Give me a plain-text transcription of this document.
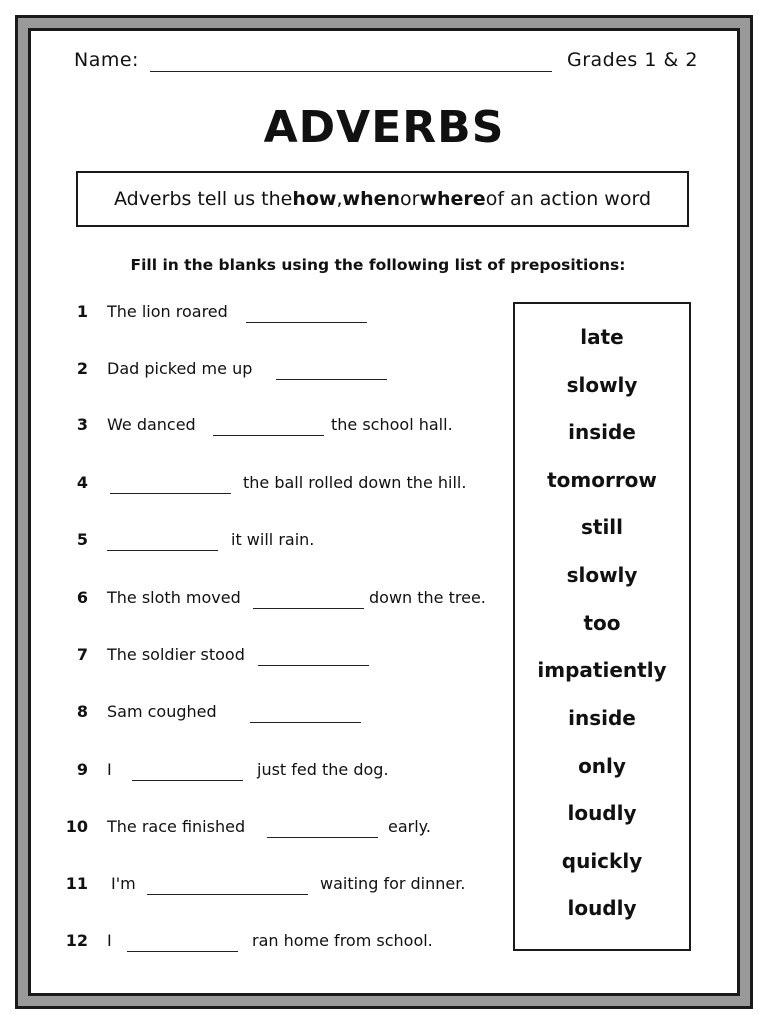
Name:	Grades 1 & 2
ADVERBS
Adverbs tell us the how , when or where of an action word
Fill in the blanks using the following list of prepositions:
1 The lion roared
2 Dad picked me up
3 We danced	the school hall.
4	the ball rolled down the hill.
5	it will rain.
6 The sloth moved	down the tree.
7 The soldier stood
8 Sam coughed
9 I	just fed the dog.
10 The race finished	early.
11 I'm	waiting for dinner.
12 I	ran home from school.
late
slowly
inside
tomorrow
still
slowly
too
impatiently
inside
only
loudly
quickly
loudly
